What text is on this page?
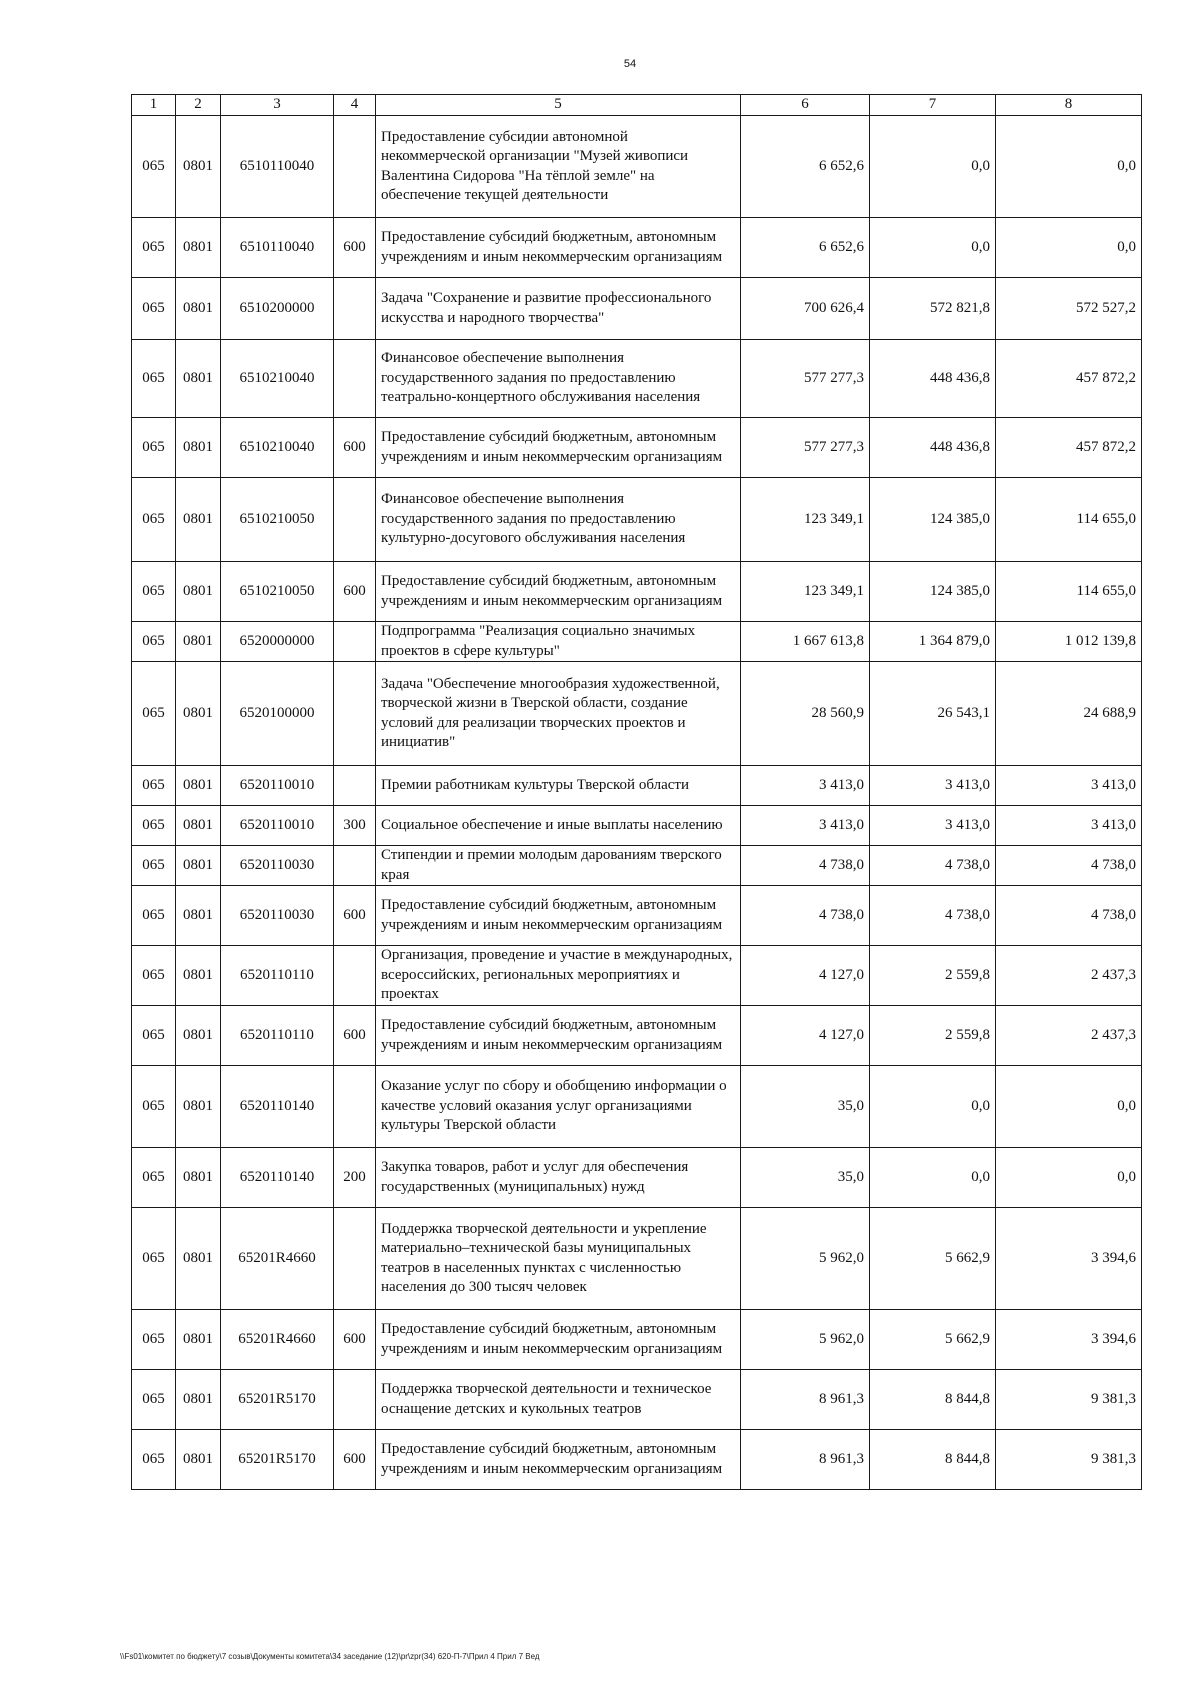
54
1	2	3	4	5	6	7	8
065	0801	6510110040		Предоставление субсидии автономной некоммерческой организации "Музей живописи Валентина Сидорова "На тёплой земле" на обеспечение текущей деятельности	6 652,6	0,0	0,0
065	0801	6510110040	600	Предоставление субсидий бюджетным, автономным учреждениям и иным некоммерческим организациям	6 652,6	0,0	0,0
065	0801	6510200000		Задача "Сохранение и развитие профессионального искусства и народного творчества"	700 626,4	572 821,8	572 527,2
065	0801	6510210040		Финансовое обеспечение выполнения государственного задания по предоставлению театрально-концертного обслуживания населения	577 277,3	448 436,8	457 872,2
065	0801	6510210040	600	Предоставление субсидий бюджетным, автономным учреждениям и иным некоммерческим организациям	577 277,3	448 436,8	457 872,2
065	0801	6510210050		Финансовое обеспечение выполнения государственного задания по предоставлению культурно-досугового обслуживания населения	123 349,1	124 385,0	114 655,0
065	0801	6510210050	600	Предоставление субсидий бюджетным, автономным учреждениям и иным некоммерческим организациям	123 349,1	124 385,0	114 655,0
065	0801	6520000000		Подпрограмма "Реализация социально значимых проектов в сфере культуры"	1 667 613,8	1 364 879,0	1 012 139,8
065	0801	6520100000		Задача "Обеспечение многообразия художественной, творческой жизни в Тверской области, создание условий для реализации творческих проектов и инициатив"	28 560,9	26 543,1	24 688,9
065	0801	6520110010		Премии работникам культуры Тверской области	3 413,0	3 413,0	3 413,0
065	0801	6520110010	300	Социальное обеспечение и иные выплаты населению	3 413,0	3 413,0	3 413,0
065	0801	6520110030		Стипендии и премии молодым дарованиям тверского края	4 738,0	4 738,0	4 738,0
065	0801	6520110030	600	Предоставление субсидий бюджетным, автономным учреждениям и иным некоммерческим организациям	4 738,0	4 738,0	4 738,0
065	0801	6520110110		Организация, проведение и участие в международных, всероссийских, региональных мероприятиях и проектах	4 127,0	2 559,8	2 437,3
065	0801	6520110110	600	Предоставление субсидий бюджетным, автономным учреждениям и иным некоммерческим организациям	4 127,0	2 559,8	2 437,3
065	0801	6520110140		Оказание услуг по сбору и обобщению информации о качестве условий оказания услуг организациями культуры Тверской области	35,0	0,0	0,0
065	0801	6520110140	200	Закупка товаров, работ и услуг для обеспечения государственных (муниципальных) нужд	35,0	0,0	0,0
065	0801	65201R4660		Поддержка творческой деятельности и укрепление материально–технической базы муниципальных театров в населенных пунктах с численностью населения до 300 тысяч человек	5 962,0	5 662,9	3 394,6
065	0801	65201R4660	600	Предоставление субсидий бюджетным, автономным учреждениям и иным некоммерческим организациям	5 962,0	5 662,9	3 394,6
065	0801	65201R5170		Поддержка творческой деятельности и техническое оснащение детских и кукольных театров	8 961,3	8 844,8	9 381,3
065	0801	65201R5170	600	Предоставление субсидий бюджетным, автономным учреждениям и иным некоммерческим организациям	8 961,3	8 844,8	9 381,3
\\Fs01\комитет по бюджету\7 созыв\Документы комитета\34 заседание (12)\pr\zpr(34) 620-П-7\Прил 4 Прил 7 Вед
